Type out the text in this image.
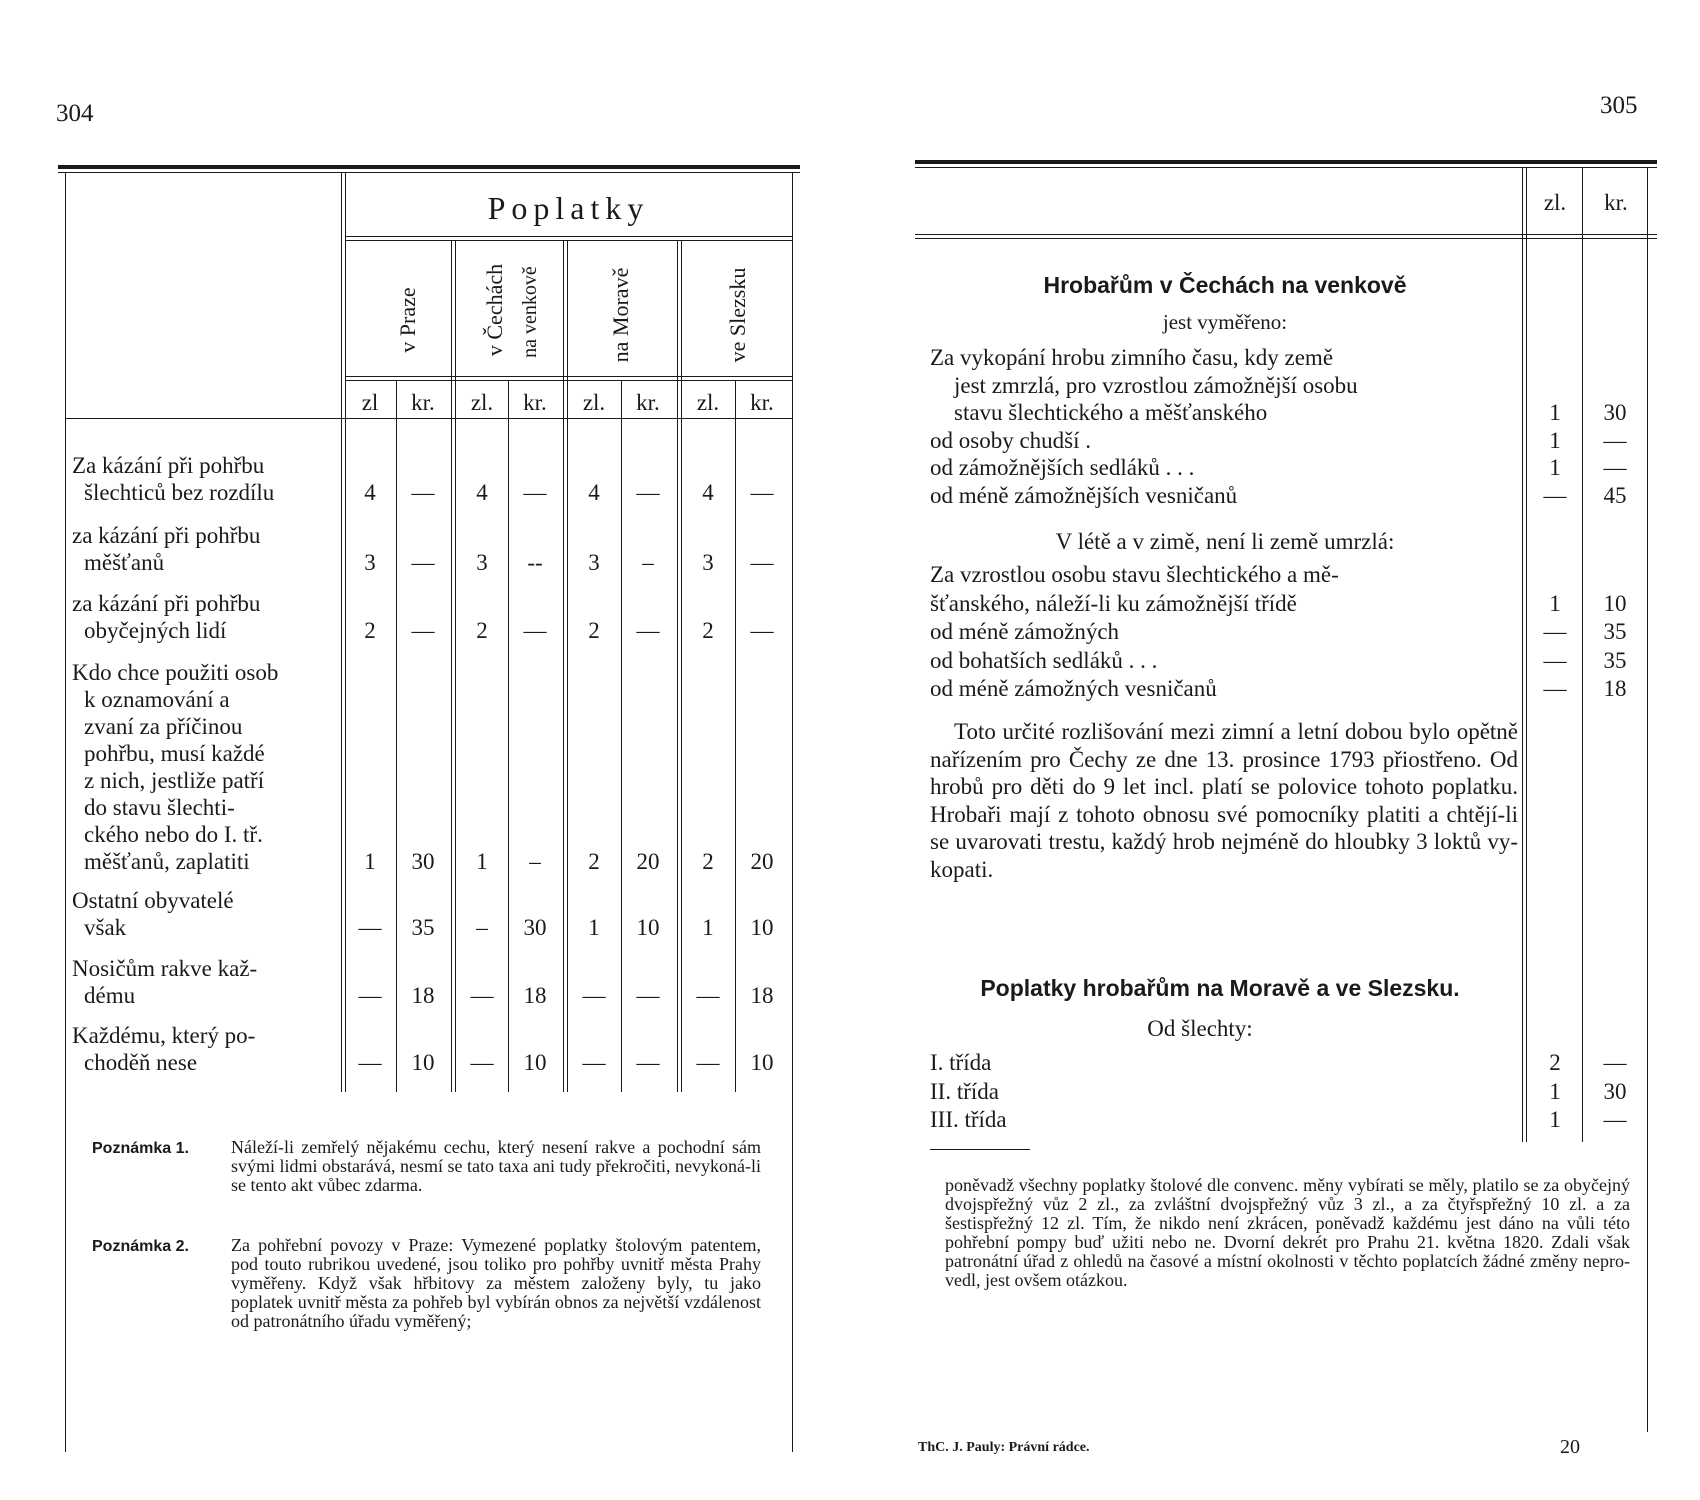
304
Poplatky
v Praze	v Čechách na venkově	na Moravě	ve Slezsku
zl	kr.	zl.	kr.	zl.	kr.	zl.	kr.
Za kázání při pohřbu
šlechticů bez rozdílu	4	—	4	—	4	—	4	—
za kázání při pohřbu
měšťanů	3	—	3	--	3	–	3	—
za kázání při pohřbu
obyčejných lidí	2	—	2	—	2	—	2	—
Kdo chce použiti osob
k oznamování a
zvaní za příčinou
pohřbu, musí každé
z nich, jestliže patří
do stavu šlechti-
ckého nebo do I. tř.
měšťanů, zaplatiti	1	30	1	–	2	20	2	20
Ostatní obyvatelé
však	—	35	–	30	1	10	1	10
Nosičům rakve kaž-
dému	—	18	—	18	—	—	—	18
Každému, který po-
choděň nese	—	10	—	10	—	—	—	10
Poznámka 1. Náleží-li zemřelý nějakému cechu, který nesení rakve a pochodní sám svými lidmi obstarává, nesmí se tato taxa ani tudy překročiti, nevykoná-li se tento akt vůbec zdarma.
Poznámka 2. Za pohřební povozy v Praze: Vymezené poplatky štolovým patentem, pod touto rubrikou uvedené, jsou toliko pro pohřby uvnitř města Prahy vyměřeny. Když však hřbitovy za městem založeny byly, tu jako poplatek uvnitř města za pohřeb byl vybírán obnos za největší vzdálenost od patronátního úřadu vyměřený;
305
zl.	kr.
Hrobařům v Čechách na venkově
jest vyměřeno:
Za vykopání hrobu zimního času, kdy země
jest zmrzlá, pro vzrostlou zámožnější osobu
stavu šlechtického a měšťanského	1	30
od osoby chudší .	1	—
od zámožnějších sedláků . . .	1	—
od méně zámožnějších vesničanů	—	45
V létě a v zimě, není li země umrzlá:
Za vzrostlou osobu stavu šlechtického a mě-
šťanského, náleží-li ku zámožnější třídě	1	10
od méně zámožných	—	35
od bohatších sedláků . . .	—	35
od méně zámožných vesničanů	—	18
Toto určité rozlišování mezi zimní a letní dobou bylo opětně nařízením pro Čechy ze dne 13. prosince 1793 přiostřeno. Od hrobů pro děti do 9 let incl. platí se polovice tohoto poplatku. Hrobaři mají z tohoto obnosu své pomocníky platiti a chtějí-li se uvarovati trestu, každý hrob nejméně do hloubky 3 loktů vykopati.
Poplatky hrobařům na Moravě a ve Slezsku.
Od šlechty:
I. třída	2	—
II. třída	1	30
III. třída	1	—
poněvadž všechny poplatky štolové dle convenc. měny vybírati se měly, platilo se za obyčejný dvojspřežný vůz 2 zl., za zvláštní dvojspřežný vůz 3 zl., a za čtyřspřežný 10 zl. a za šestispřežný 12 zl. Tím, že nikdo není zkrácen, poněvadž každému jest dáno na vůli této pohřební pompy buď užiti nebo ne. Dvorní dekrét pro Prahu 21. května 1820. Zdali však patronátní úřad z ohledů na časové a místní okolnosti v těchto poplatcích žádné změny neprovedl, jest ovšem otázkou.
ThC. J. Pauly: Právní rádce.	20
